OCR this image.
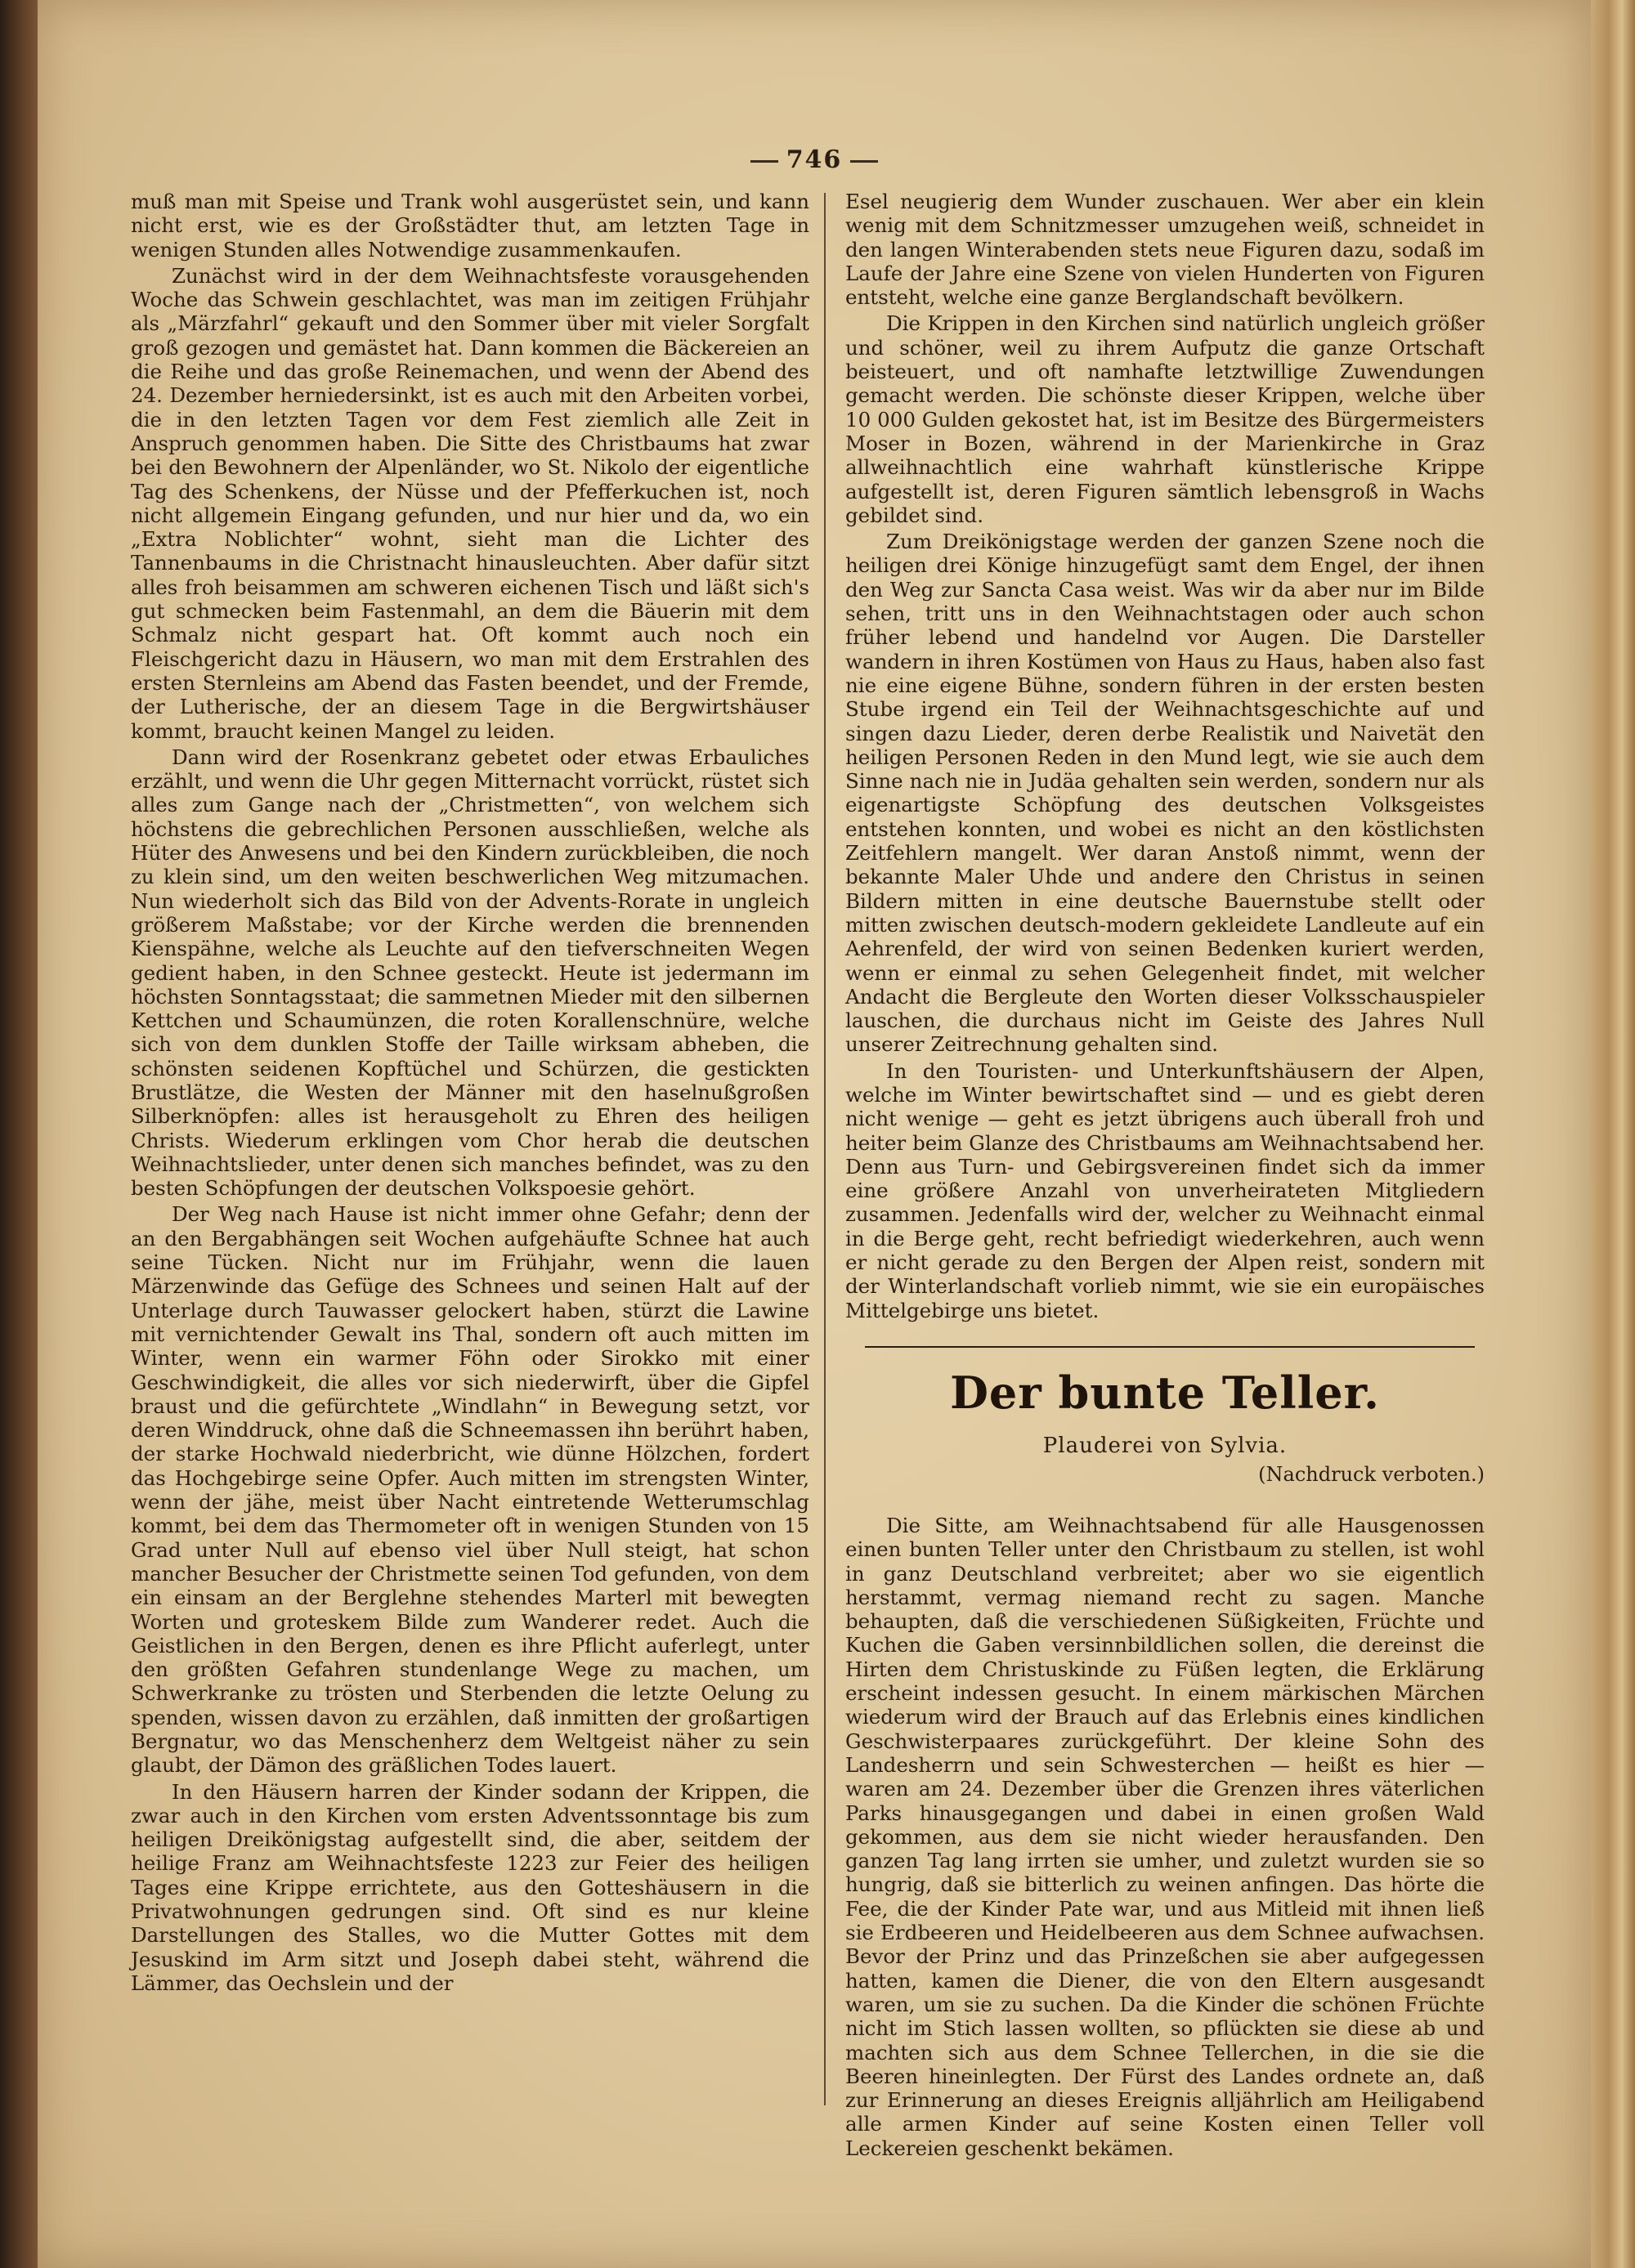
746

muß man mit Speise und Trank wohl ausgerüstet sein, und kann nicht erst, wie es der Großstädter thut, am letzten Tage in wenigen Stunden alles Notwendige zusammenkaufen.

Zunächst wird in der dem Weihnachtsfeste vorausgehenden Woche das Schwein geschlachtet, was man im zeitigen Frühjahr als „Märzfahrl“ gekauft und den Sommer über mit vieler Sorgfalt groß gezogen und gemästet hat. Dann kommen die Bäckereien an die Reihe und das große Reinemachen, und wenn der Abend des 24. Dezember herniedersinkt, ist es auch mit den Arbeiten vorbei, die in den letzten Tagen vor dem Fest ziemlich alle Zeit in Anspruch genommen haben. Die Sitte des Christbaums hat zwar bei den Bewohnern der Alpenländer, wo St. Nikolo der eigentliche Tag des Schenkens, der Nüsse und der Pfefferkuchen ist, noch nicht allgemein Eingang gefunden, und nur hier und da, wo ein „Extra Noblichter“ wohnt, sieht man die Lichter des Tannenbaums in die Christnacht hinausleuchten. Aber dafür sitzt alles froh beisammen am schweren eichenen Tisch und läßt sich's gut schmecken beim Fastenmahl, an dem die Bäuerin mit dem Schmalz nicht gespart hat. Oft kommt auch noch ein Fleischgericht dazu in Häusern, wo man mit dem Erstrahlen des ersten Sternleins am Abend das Fasten beendet, und der Fremde, der Lutherische, der an diesem Tage in die Bergwirtshäuser kommt, braucht keinen Mangel zu leiden.

Dann wird der Rosenkranz gebetet oder etwas Erbauliches erzählt, und wenn die Uhr gegen Mitternacht vorrückt, rüstet sich alles zum Gange nach der „Christmetten“, von welchem sich höchstens die gebrechlichen Personen ausschließen, welche als Hüter des Anwesens und bei den Kindern zurückbleiben, die noch zu klein sind, um den weiten beschwerlichen Weg mitzumachen. Nun wiederholt sich das Bild von der Advents-Rorate in ungleich größerem Maßstabe; vor der Kirche werden die brennenden Kienspähne, welche als Leuchte auf den tiefverschneiten Wegen gedient haben, in den Schnee gesteckt. Heute ist jedermann im höchsten Sonntagsstaat; die sammetnen Mieder mit den silbernen Kettchen und Schaumünzen, die roten Korallenschnüre, welche sich von dem dunklen Stoffe der Taille wirksam abheben, die schönsten seidenen Kopftüchel und Schürzen, die gestickten Brustlätze, die Westen der Männer mit den haselnußgroßen Silberknöpfen: alles ist herausgeholt zu Ehren des heiligen Christs. Wiederum erklingen vom Chor herab die deutschen Weihnachtslieder, unter denen sich manches befindet, was zu den besten Schöpfungen der deutschen Volkspoesie gehört.

Der Weg nach Hause ist nicht immer ohne Gefahr; denn der an den Bergabhängen seit Wochen aufgehäufte Schnee hat auch seine Tücken. Nicht nur im Frühjahr, wenn die lauen Märzenwinde das Gefüge des Schnees und seinen Halt auf der Unterlage durch Tauwasser gelockert haben, stürzt die Lawine mit vernichtender Gewalt ins Thal, sondern oft auch mitten im Winter, wenn ein warmer Föhn oder Sirokko mit einer Geschwindigkeit, die alles vor sich niederwirft, über die Gipfel braust und die gefürchtete „Windlahn“ in Bewegung setzt, vor deren Winddruck, ohne daß die Schneemassen ihn berührt haben, der starke Hochwald niederbricht, wie dünne Hölzchen, fordert das Hochgebirge seine Opfer. Auch mitten im strengsten Winter, wenn der jähe, meist über Nacht eintretende Wetterumschlag kommt, bei dem das Thermometer oft in wenigen Stunden von 15 Grad unter Null auf ebenso viel über Null steigt, hat schon mancher Besucher der Christmette seinen Tod gefunden, von dem ein einsam an der Berglehne stehendes Marterl mit bewegten Worten und groteskem Bilde zum Wanderer redet. Auch die Geistlichen in den Bergen, denen es ihre Pflicht auferlegt, unter den größten Gefahren stundenlange Wege zu machen, um Schwerkranke zu trösten und Sterbenden die letzte Oelung zu spenden, wissen davon zu erzählen, daß inmitten der großartigen Bergnatur, wo das Menschenherz dem Weltgeist näher zu sein glaubt, der Dämon des gräßlichen Todes lauert.

In den Häusern harren der Kinder sodann der Krippen, die zwar auch in den Kirchen vom ersten Adventssonntage bis zum heiligen Dreikönigstag aufgestellt sind, die aber, seitdem der heilige Franz am Weihnachtsfeste 1223 zur Feier des heiligen Tages eine Krippe errichtete, aus den Gotteshäusern in die Privatwohnungen gedrungen sind. Oft sind es nur kleine Darstellungen des Stalles, wo die Mutter Gottes mit dem Jesuskind im Arm sitzt und Joseph dabei steht, während die Lämmer, das Oechslein und der

Esel neugierig dem Wunder zuschauen. Wer aber ein klein wenig mit dem Schnitzmesser umzugehen weiß, schneidet in den langen Winterabenden stets neue Figuren dazu, sodaß im Laufe der Jahre eine Szene von vielen Hunderten von Figuren entsteht, welche eine ganze Berglandschaft bevölkern.

Die Krippen in den Kirchen sind natürlich ungleich größer und schöner, weil zu ihrem Aufputz die ganze Ortschaft beisteuert, und oft namhafte letztwillige Zuwendungen gemacht werden. Die schönste dieser Krippen, welche über 10 000 Gulden gekostet hat, ist im Besitze des Bürgermeisters Moser in Bozen, während in der Marienkirche in Graz allweihnachtlich eine wahrhaft künstlerische Krippe aufgestellt ist, deren Figuren sämtlich lebensgroß in Wachs gebildet sind.

Zum Dreikönigstage werden der ganzen Szene noch die heiligen drei Könige hinzugefügt samt dem Engel, der ihnen den Weg zur Sancta Casa weist. Was wir da aber nur im Bilde sehen, tritt uns in den Weihnachtstagen oder auch schon früher lebend und handelnd vor Augen. Die Darsteller wandern in ihren Kostümen von Haus zu Haus, haben also fast nie eine eigene Bühne, sondern führen in der ersten besten Stube irgend ein Teil der Weihnachtsgeschichte auf und singen dazu Lieder, deren derbe Realistik und Naivetät den heiligen Personen Reden in den Mund legt, wie sie auch dem Sinne nach nie in Judäa gehalten sein werden, sondern nur als eigenartigste Schöpfung des deutschen Volksgeistes entstehen konnten, und wobei es nicht an den köstlichsten Zeitfehlern mangelt. Wer daran Anstoß nimmt, wenn der bekannte Maler Uhde und andere den Christus in seinen Bildern mitten in eine deutsche Bauernstube stellt oder mitten zwischen deutsch-modern gekleidete Landleute auf ein Aehrenfeld, der wird von seinen Bedenken kuriert werden, wenn er einmal zu sehen Gelegenheit findet, mit welcher Andacht die Bergleute den Worten dieser Volksschauspieler lauschen, die durchaus nicht im Geiste des Jahres Null unserer Zeitrechnung gehalten sind.

In den Touristen- und Unterkunftshäusern der Alpen, welche im Winter bewirtschaftet sind — und es giebt deren nicht wenige — geht es jetzt übrigens auch überall froh und heiter beim Glanze des Christbaums am Weihnachtsabend her. Denn aus Turn- und Gebirgsvereinen findet sich da immer eine größere Anzahl von unverheirateten Mitgliedern zusammen. Jedenfalls wird der, welcher zu Weihnacht einmal in die Berge geht, recht befriedigt wiederkehren, auch wenn er nicht gerade zu den Bergen der Alpen reist, sondern mit der Winterlandschaft vorlieb nimmt, wie sie ein europäisches Mittelgebirge uns bietet.

Der bunte Teller.
Plauderei von Sylvia.
(Nachdruck verboten.)

Die Sitte, am Weihnachtsabend für alle Hausgenossen einen bunten Teller unter den Christbaum zu stellen, ist wohl in ganz Deutschland verbreitet; aber wo sie eigentlich herstammt, vermag niemand recht zu sagen. Manche behaupten, daß die verschiedenen Süßigkeiten, Früchte und Kuchen die Gaben versinnbildlichen sollen, die dereinst die Hirten dem Christuskinde zu Füßen legten, die Erklärung erscheint indessen gesucht. In einem märkischen Märchen wiederum wird der Brauch auf das Erlebnis eines kindlichen Geschwisterpaares zurückgeführt. Der kleine Sohn des Landesherrn und sein Schwesterchen — heißt es hier — waren am 24. Dezember über die Grenzen ihres väterlichen Parks hinausgegangen und dabei in einen großen Wald gekommen, aus dem sie nicht wieder herausfanden. Den ganzen Tag lang irrten sie umher, und zuletzt wurden sie so hungrig, daß sie bitterlich zu weinen anfingen. Das hörte die Fee, die der Kinder Pate war, und aus Mitleid mit ihnen ließ sie Erdbeeren und Heidelbeeren aus dem Schnee aufwachsen. Bevor der Prinz und das Prinzeßchen sie aber aufgegessen hatten, kamen die Diener, die von den Eltern ausgesandt waren, um sie zu suchen. Da die Kinder die schönen Früchte nicht im Stich lassen wollten, so pflückten sie diese ab und machten sich aus dem Schnee Tellerchen, in die sie die Beeren hineinlegten. Der Fürst des Landes ordnete an, daß zur Erinnerung an dieses Ereignis alljährlich am Heiligabend alle armen Kinder auf seine Kosten einen Teller voll Leckereien geschenkt bekämen.
